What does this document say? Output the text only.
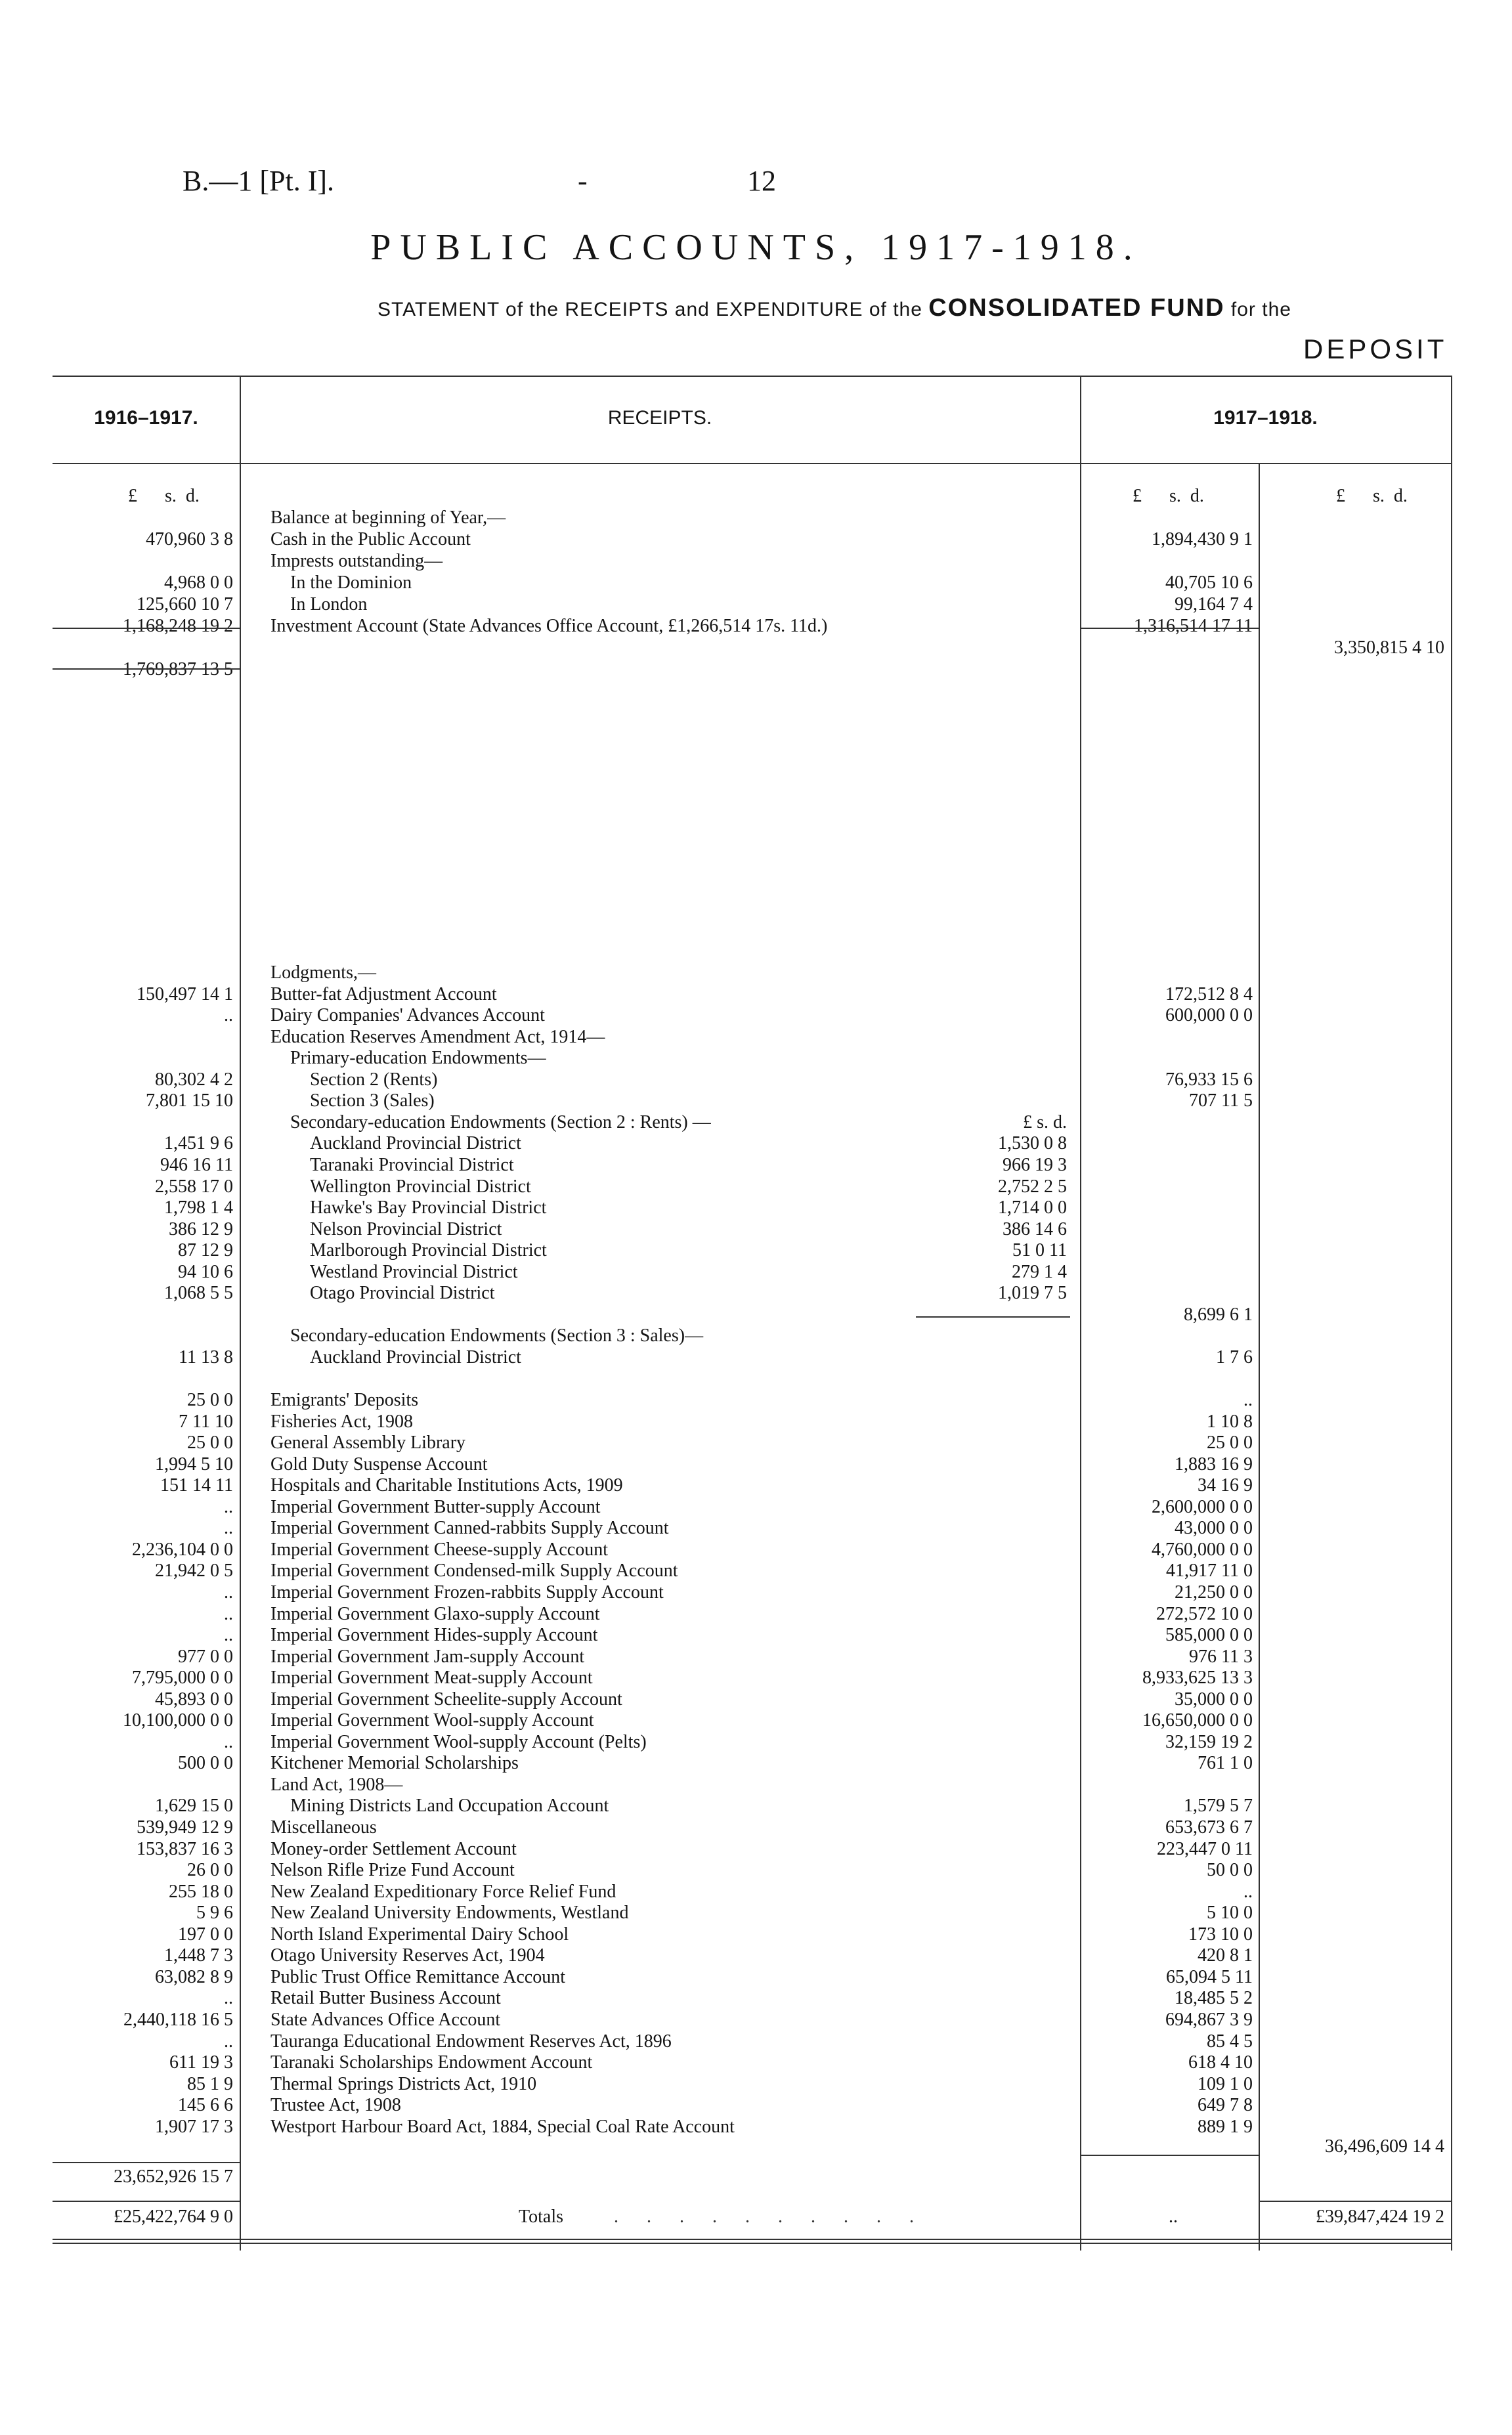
B.—1 [Pt. I].	-	12
PUBLIC ACCOUNTS, 1917-1918.
STATEMENT of the RECEIPTS and EXPENDITURE of the CONSOLIDATED FUND for the
DEPOSIT
1916–1917.	RECEIPTS.	1917–1918.
£ s. d.	£ s. d.	£ s. d.
Balance at beginning of Year,—
470,960 3 8 Cash in the Public Account	1,894,430 9 1
Imprests outstanding—
4,968 0 0	In the Dominion	40,705 10 6
125,660 10 7	In London	99,164 7 4
1,168,248 19 2 Investment Account (State Advances Office Account, £1,266,514 17s. 11d.)	1,316,514 17 11
3,350,815 4 10
1,769,837 13 5
Lodgments,—
150,497 14 1 Butter-fat Adjustment Account	172,512 8 4
.. Dairy Companies' Advances Account	600,000 0 0
Education Reserves Amendment Act, 1914—
Primary-education Endowments—
80,302 4 2	Section 2 (Rents)	76,933 15 6
7,801 15 10	Section 3 (Sales)	707 11 5
Secondary-education Endowments (Section 2 : Rents) —	£ s. d.
1,451 9 6	Auckland Provincial District	1,530 0 8
946 16 11	Taranaki Provincial District	966 19 3
2,558 17 0	Wellington Provincial District	2,752 2 5
1,798 1 4	Hawke's Bay Provincial District	1,714 0 0
386 12 9	Nelson Provincial District	386 14 6
87 12 9	Marlborough Provincial District	51 0 11
94 10 6	Westland Provincial District	279 1 4
1,068 5 5	Otago Provincial District	1,019 7 5
8,699 6 1
Secondary-education Endowments (Section 3 : Sales)—
11 13 8	Auckland Provincial District	1 7 6
25 0 0 Emigrants' Deposits	..
7 11 10 Fisheries Act, 1908	1 10 8
25 0 0 General Assembly Library	25 0 0
1,994 5 10 Gold Duty Suspense Account	1,883 16 9
151 14 11 Hospitals and Charitable Institutions Acts, 1909	34 16 9
.. Imperial Government Butter-supply Account	2,600,000 0 0
.. Imperial Government Canned-rabbits Supply Account	43,000 0 0
2,236,104 0 0 Imperial Government Cheese-supply Account	4,760,000 0 0
21,942 0 5 Imperial Government Condensed-milk Supply Account	41,917 11 0
.. Imperial Government Frozen-rabbits Supply Account	21,250 0 0
.. Imperial Government Glaxo-supply Account	272,572 10 0
.. Imperial Government Hides-supply Account	585,000 0 0
977 0 0 Imperial Government Jam-supply Account	976 11 3
7,795,000 0 0 Imperial Government Meat-supply Account	8,933,625 13 3
45,893 0 0 Imperial Government Scheelite-supply Account	35,000 0 0
10,100,000 0 0 Imperial Government Wool-supply Account	16,650,000 0 0
.. Imperial Government Wool-supply Account (Pelts)	32,159 19 2
500 0 0 Kitchener Memorial Scholarships	761 1 0
Land Act, 1908—
1,629 15 0	Mining Districts Land Occupation Account	1,579 5 7
539,949 12 9 Miscellaneous	653,673 6 7
153,837 16 3 Money-order Settlement Account	223,447 0 11
26 0 0 Nelson Rifle Prize Fund Account	50 0 0
255 18 0 New Zealand Expeditionary Force Relief Fund	..
5 9 6 New Zealand University Endowments, Westland	5 10 0
197 0 0 North Island Experimental Dairy School	173 10 0
1,448 7 3 Otago University Reserves Act, 1904	420 8 1
63,082 8 9 Public Trust Office Remittance Account	65,094 5 11
.. Retail Butter Business Account	18,485 5 2
2,440,118 16 5 State Advances Office Account	694,867 3 9
.. Tauranga Educational Endowment Reserves Act, 1896	85 4 5
611 19 3 Taranaki Scholarships Endowment Account	618 4 10
85 1 9 Thermal Springs Districts Act, 1910	109 1 0
145 6 6 Trustee Act, 1908	649 7 8
1,907 17 3 Westport Harbour Board Act, 1884, Special Coal Rate Account	889 1 9
36,496,609 14 4
23,652,926 15 7
£25,422,764 9 0	Totals	. . . . . . . . . .	..	£39,847,424 19 2
